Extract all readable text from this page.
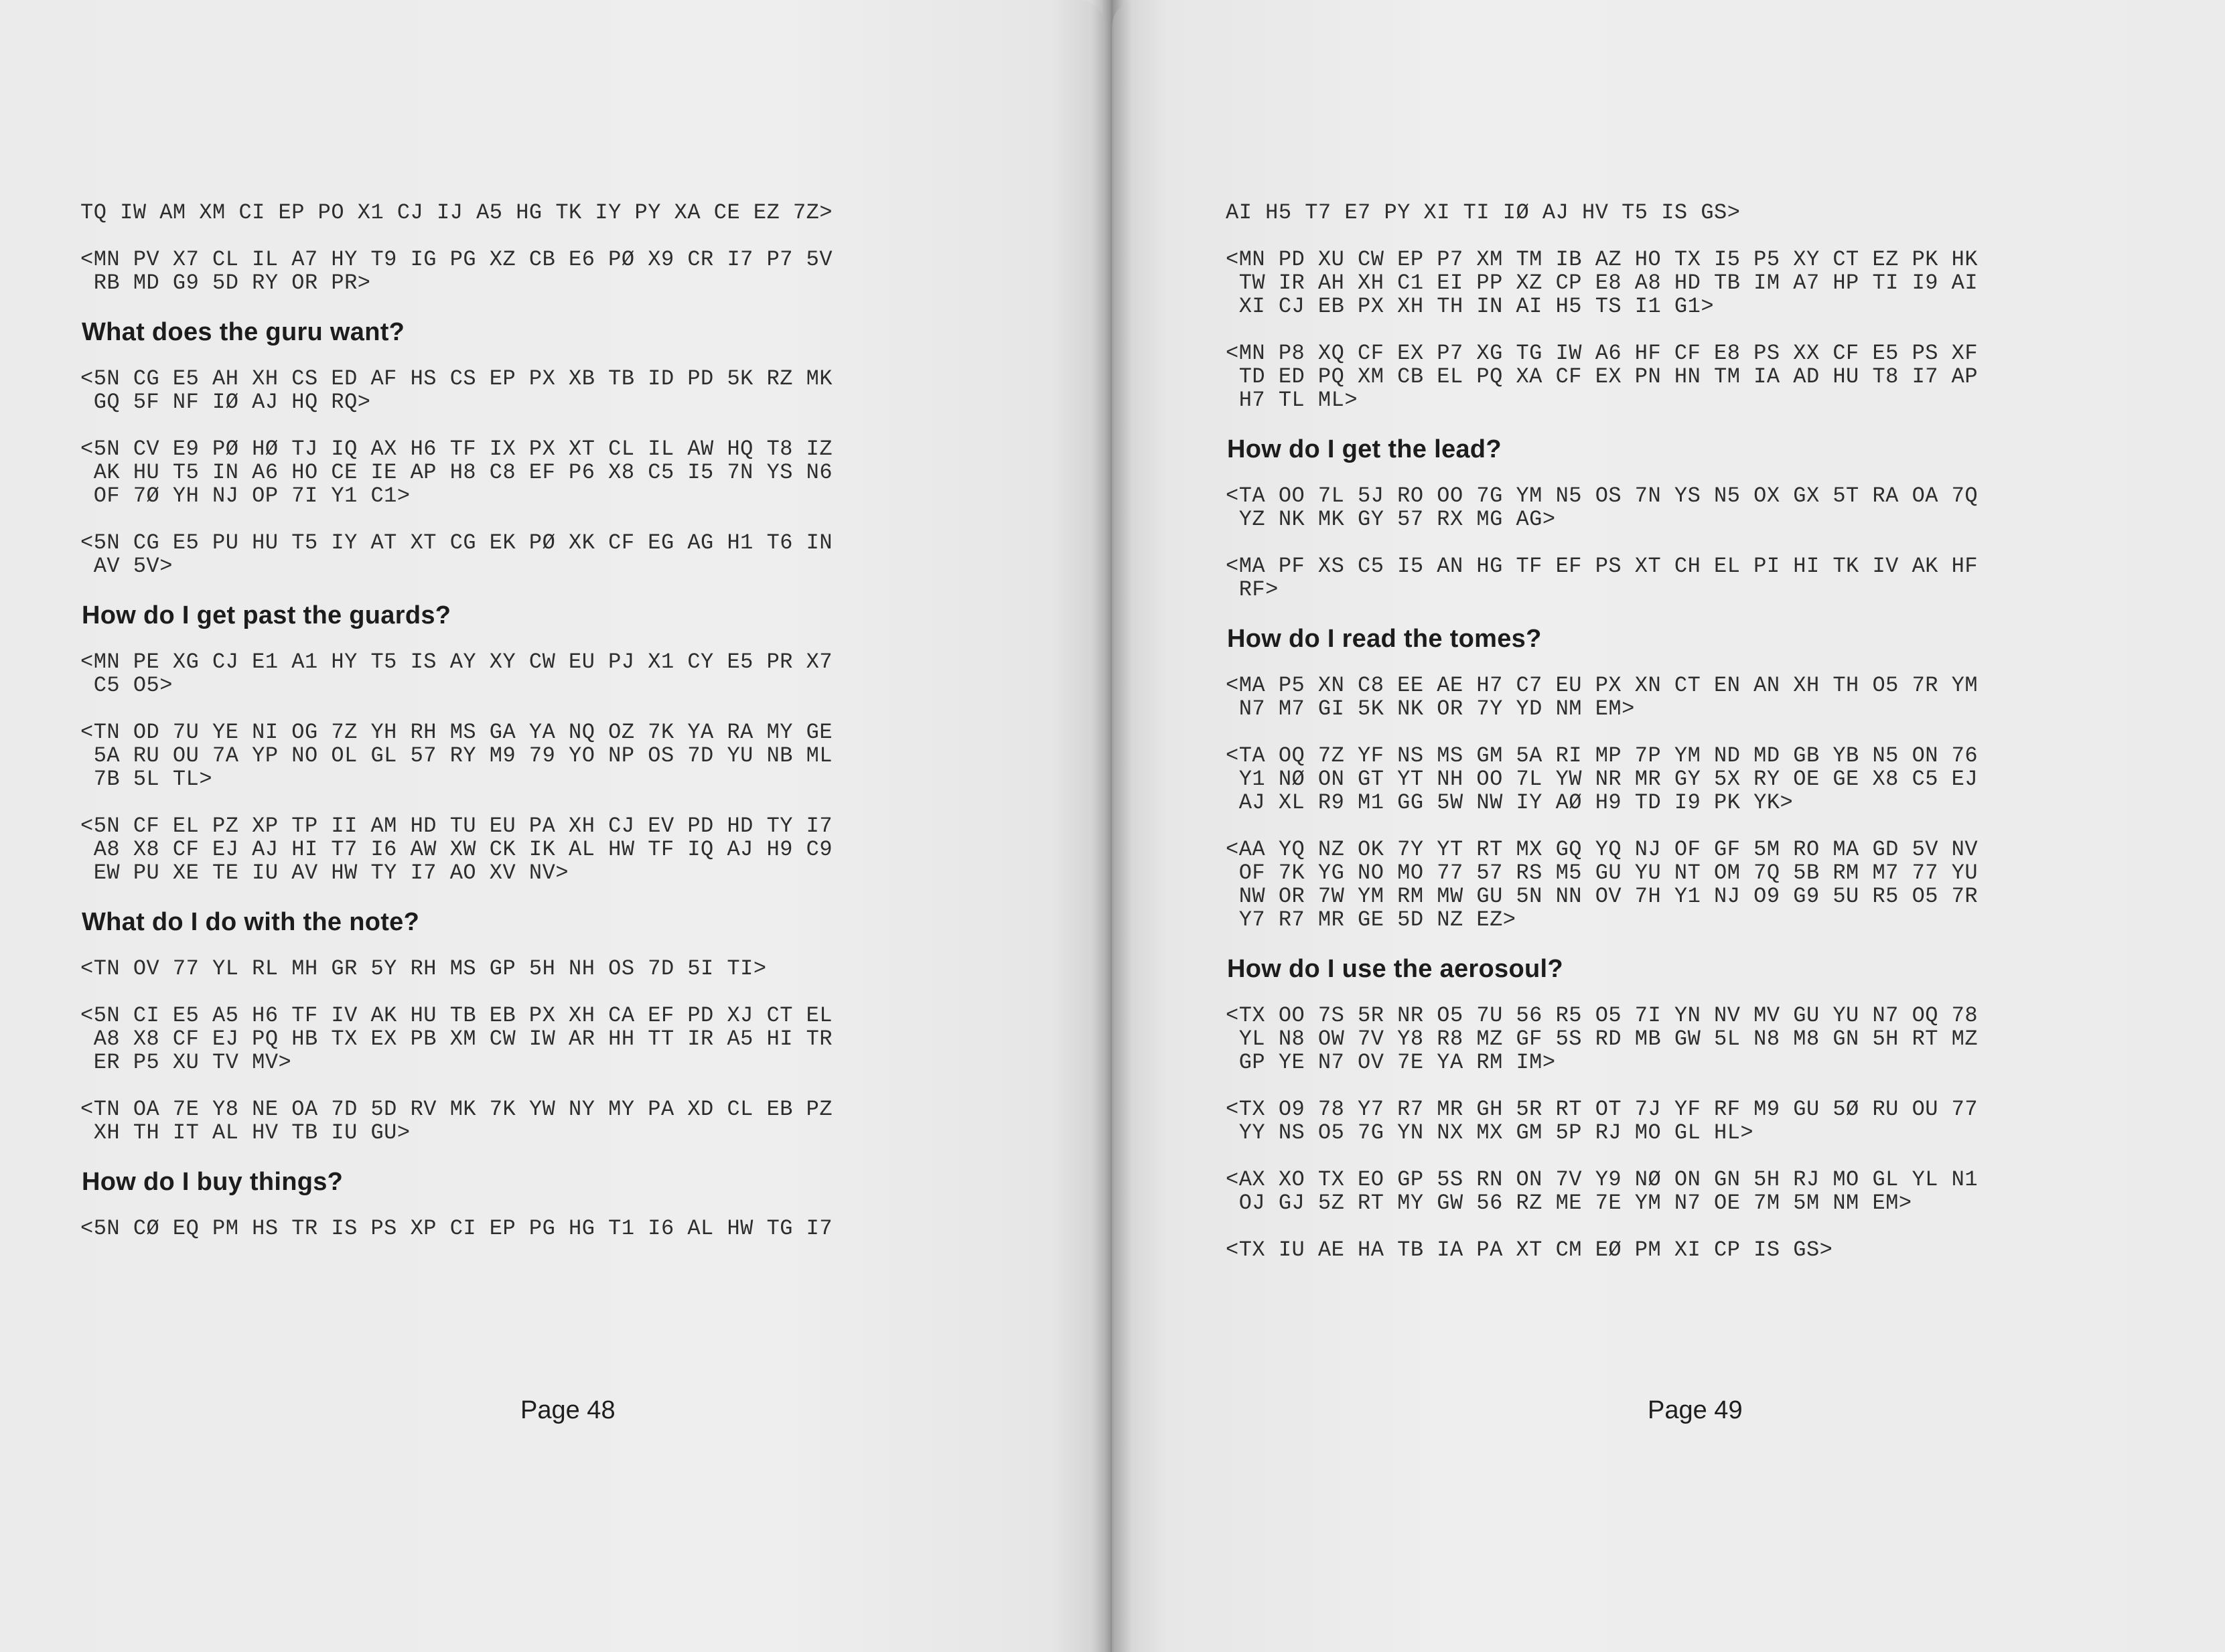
TQ IW AM XM CI EP PO X1 CJ IJ A5 HG TK IY PY XA CE EZ 7Z>
<MN PV X7 CL IL A7 HY T9 IG PG XZ CB E6 PØ X9 CR I7 P7 5V
RB MD G9 5D RY OR PR>
What does the guru want?
<5N CG E5 AH XH CS ED AF HS CS EP PX XB TB ID PD 5K RZ MK
GQ 5F NF IØ AJ HQ RQ>
<5N CV E9 PØ HØ TJ IQ AX H6 TF IX PX XT CL IL AW HQ T8 IZ
AK HU T5 IN A6 HO CE IE AP H8 C8 EF P6 X8 C5 I5 7N YS N6
OF 7Ø YH NJ OP 7I Y1 C1>
<5N CG E5 PU HU T5 IY AT XT CG EK PØ XK CF EG AG H1 T6 IN
AV 5V>
How do I get past the guards?
<MN PE XG CJ E1 A1 HY T5 IS AY XY CW EU PJ X1 CY E5 PR X7
C5 O5>
<TN OD 7U YE NI OG 7Z YH RH MS GA YA NQ OZ 7K YA RA MY GE
5A RU OU 7A YP NO OL GL 57 RY M9 79 YO NP OS 7D YU NB ML
7B 5L TL>
<5N CF EL PZ XP TP II AM HD TU EU PA XH CJ EV PD HD TY I7
A8 X8 CF EJ AJ HI T7 I6 AW XW CK IK AL HW TF IQ AJ H9 C9
EW PU XE TE IU AV HW TY I7 AO XV NV>
What do I do with the note?
<TN OV 77 YL RL MH GR 5Y RH MS GP 5H NH OS 7D 5I TI>
<5N CI E5 A5 H6 TF IV AK HU TB EB PX XH CA EF PD XJ CT EL
A8 X8 CF EJ PQ HB TX EX PB XM CW IW AR HH TT IR A5 HI TR
ER P5 XU TV MV>
<TN OA 7E Y8 NE OA 7D 5D RV MK 7K YW NY MY PA XD CL EB PZ
XH TH IT AL HV TB IU GU>
How do I buy things?
<5N CØ EQ PM HS TR IS PS XP CI EP PG HG T1 I6 AL HW TG I7
Page 48
AI H5 T7 E7 PY XI TI IØ AJ HV T5 IS GS>
<MN PD XU CW EP P7 XM TM IB AZ HO TX I5 P5 XY CT EZ PK HK
TW IR AH XH C1 EI PP XZ CP E8 A8 HD TB IM A7 HP TI I9 AI
XI CJ EB PX XH TH IN AI H5 TS I1 G1>
<MN P8 XQ CF EX P7 XG TG IW A6 HF CF E8 PS XX CF E5 PS XF
TD ED PQ XM CB EL PQ XA CF EX PN HN TM IA AD HU T8 I7 AP
H7 TL ML>
How do I get the lead?
<TA OO 7L 5J RO OO 7G YM N5 OS 7N YS N5 OX GX 5T RA OA 7Q
YZ NK MK GY 57 RX MG AG>
<MA PF XS C5 I5 AN HG TF EF PS XT CH EL PI HI TK IV AK HF
RF>
How do I read the tomes?
<MA P5 XN C8 EE AE H7 C7 EU PX XN CT EN AN XH TH O5 7R YM
N7 M7 GI 5K NK OR 7Y YD NM EM>
<TA OQ 7Z YF NS MS GM 5A RI MP 7P YM ND MD GB YB N5 ON 76
Y1 NØ ON GT YT NH OO 7L YW NR MR GY 5X RY OE GE X8 C5 EJ
AJ XL R9 M1 GG 5W NW IY AØ H9 TD I9 PK YK>
<AA YQ NZ OK 7Y YT RT MX GQ YQ NJ OF GF 5M RO MA GD 5V NV
OF 7K YG NO MO 77 57 RS M5 GU YU NT OM 7Q 5B RM M7 77 YU
NW OR 7W YM RM MW GU 5N NN OV 7H Y1 NJ O9 G9 5U R5 O5 7R
Y7 R7 MR GE 5D NZ EZ>
How do I use the aerosoul?
<TX OO 7S 5R NR O5 7U 56 R5 O5 7I YN NV MV GU YU N7 OQ 78
YL N8 OW 7V Y8 R8 MZ GF 5S RD MB GW 5L N8 M8 GN 5H RT MZ
GP YE N7 OV 7E YA RM IM>
<TX O9 78 Y7 R7 MR GH 5R RT OT 7J YF RF M9 GU 5Ø RU OU 77
YY NS O5 7G YN NX MX GM 5P RJ MO GL HL>
<AX XO TX EO GP 5S RN ON 7V Y9 NØ ON GN 5H RJ MO GL YL N1
OJ GJ 5Z RT MY GW 56 RZ ME 7E YM N7 OE 7M 5M NM EM>
<TX IU AE HA TB IA PA XT CM EØ PM XI CP IS GS>
Page 49
